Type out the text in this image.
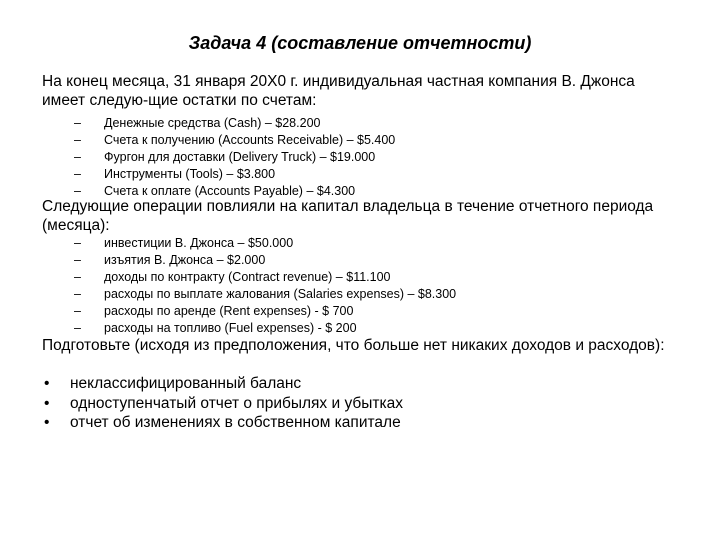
Задача 4 (составление отчетности)
На конец месяца, 31 января 20Х0 г. индивидуальная частная компания В. Джонса имеет следую-щие остатки по счетам:
– Денежные средства (Cash) – $28.200
– Счета к получению (Accounts Receivable) – $5.400
– Фургон для доставки (Delivery Truck) – $19.000
– Инструменты (Tools) – $3.800
– Счета к оплате (Accounts Payable) – $4.300
Следующие операции повлияли на капитал владельца в течение отчетного периода (месяца):
– инвестиции В. Джонса – $50.000
– изъятия В. Джонса – $2.000
– доходы по контракту (Contract revenue) – $11.100
– расходы по выплате жалования (Salaries expenses) – $8.300
– расходы по аренде (Rent expenses) - $ 700
– расходы на топливо (Fuel expenses) - $ 200
Подготовьте (исходя из предположения, что больше нет никаких доходов и расходов):
• неклассифицированный баланс
• одноступенчатый отчет о прибылях и убытках
• отчет об изменениях в собственном капитале
